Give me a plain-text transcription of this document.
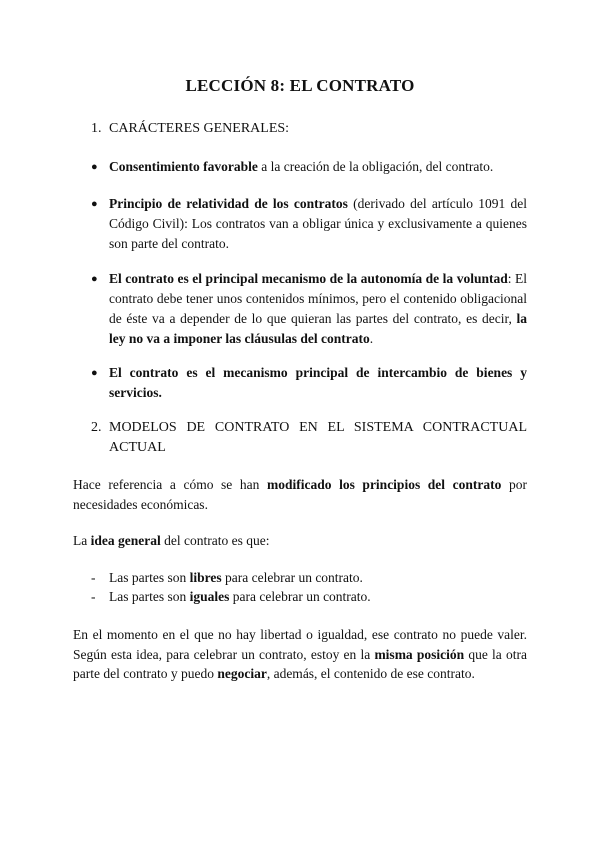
LECCIÓN 8: EL CONTRATO
1. CARÁCTERES GENERALES:
● Consentimiento favorable a la creación de la obligación, del contrato.
● Principio de relatividad de los contratos (derivado del artículo 1091 del Código Civil): Los contratos van a obligar única y exclusivamente a quienes son parte del contrato.
● El contrato es el principal mecanismo de la autonomía de la voluntad: El contrato debe tener unos contenidos mínimos, pero el contenido obligacional de éste va a depender de lo que quieran las partes del contrato, es decir, la ley no va a imponer las cláusulas del contrato.
● El contrato es el mecanismo principal de intercambio de bienes y servicios.
2. MODELOS DE CONTRATO EN EL SISTEMA CONTRACTUAL ACTUAL
Hace referencia a cómo se han modificado los principios del contrato por necesidades económicas.
La idea general del contrato es que:
- Las partes son libres para celebrar un contrato.
- Las partes son iguales para celebrar un contrato.
En el momento en el que no hay libertad o igualdad, ese contrato no puede valer. Según esta idea, para celebrar un contrato, estoy en la misma posición que la otra parte del contrato y puedo negociar, además, el contenido de ese contrato.
